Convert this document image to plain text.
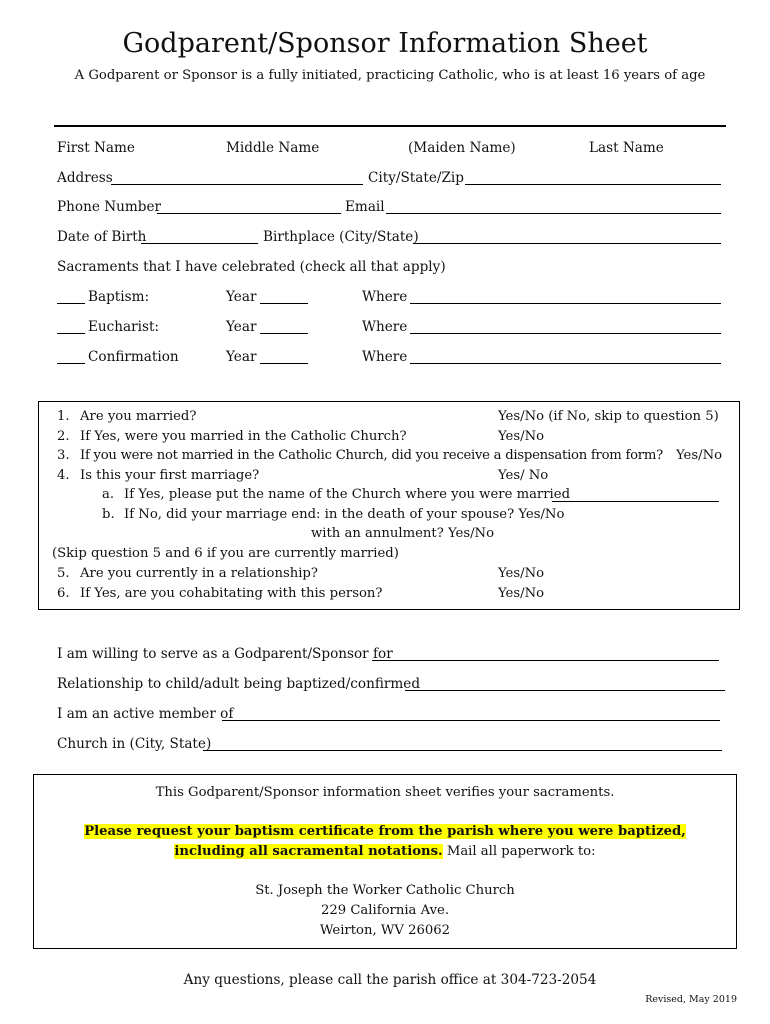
Godparent/Sponsor Information Sheet
A Godparent or Sponsor is a fully initiated, practicing Catholic, who is at least 16 years of age
First Name	Middle Name	(Maiden Name)	Last Name
Address	City/State/Zip
Phone Number	Email
Date of Birth	Birthplace (City/State)
Sacraments that I have celebrated (check all that apply)
Baptism:	Year	Where
Eucharist:	Year	Where
Confirmation	Year	Where
1. Are you married?	Yes/No (if No, skip to question 5)
2. If Yes, were you married in the Catholic Church?	Yes/No
3. If you were not married in the Catholic Church, did you receive a dispensation from form? Yes/No
4. Is this your first marriage?	Yes/ No
a. If Yes, please put the name of the Church where you were married
b. If No, did your marriage end: in the death of your spouse? Yes/No
with an annulment? Yes/No
(Skip question 5 and 6 if you are currently married)
5. Are you currently in a relationship?	Yes/No
6. If Yes, are you cohabitating with this person?	Yes/No
I am willing to serve as a Godparent/Sponsor for
Relationship to child/adult being baptized/confirmed
I am an active member of
Church in (City, State)
This Godparent/Sponsor information sheet verifies your sacraments.
Please request your baptism certificate from the parish where you were baptized,
including all sacramental notations. Mail all paperwork to:
St. Joseph the Worker Catholic Church
229 California Ave.
Weirton, WV 26062
Any questions, please call the parish office at 304-723-2054
Revised, May 2019
